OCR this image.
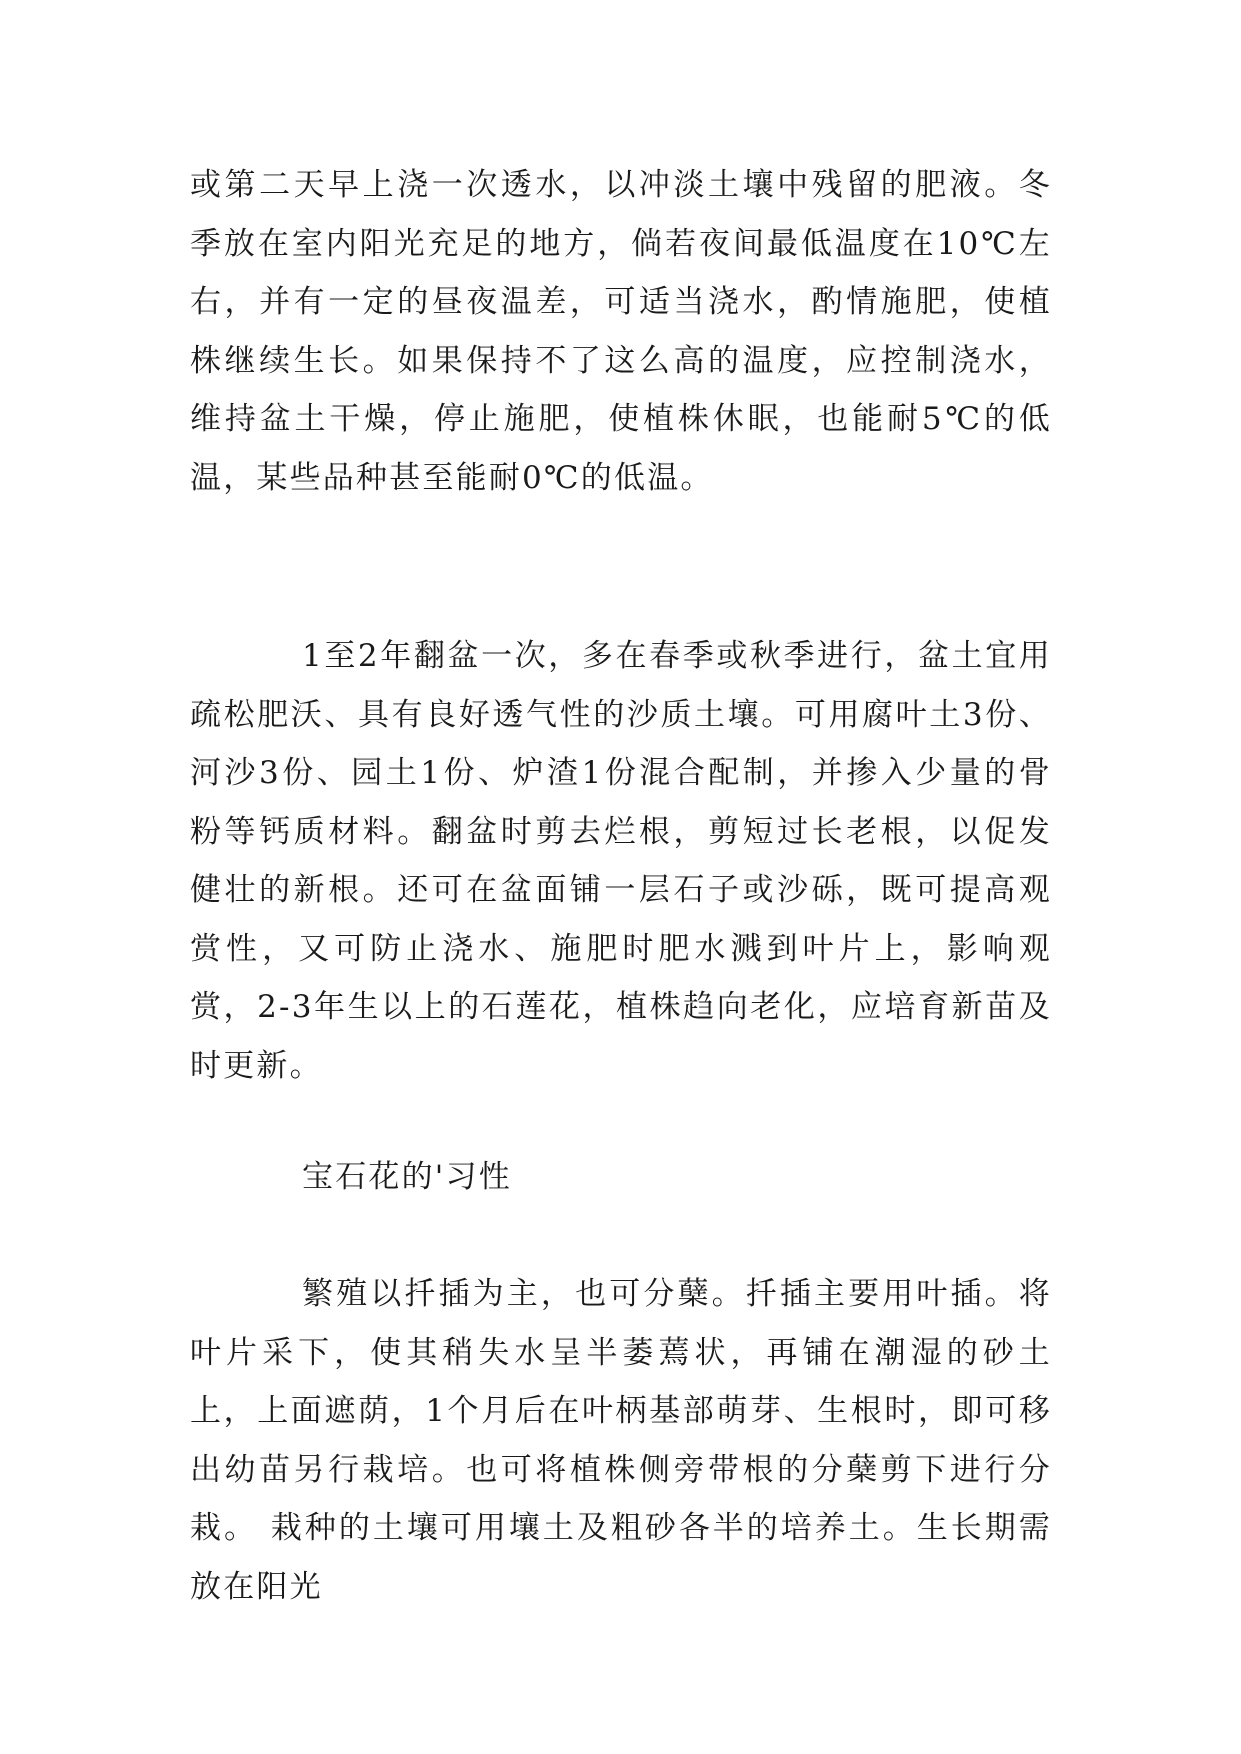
或第二天早上浇一次透水，以冲淡土壤中残留的肥液。冬季放在室内阳光充足的地方，倘若夜间最低温度在10℃左右，并有一定的昼夜温差，可适当浇水，酌情施肥，使植株继续生长。如果保持不了这么高的温度，应控制浇水，维持盆土干燥，停止施肥，使植株休眠，也能耐5℃的低温，某些品种甚至能耐0℃的低温。

1至2年翻盆一次，多在春季或秋季进行，盆土宜用疏松肥沃、具有良好透气性的沙质土壤。可用腐叶土3份、河沙3份、园土1份、炉渣1份混合配制，并掺入少量的骨粉等钙质材料。翻盆时剪去烂根，剪短过长老根，以促发健壮的新根。还可在盆面铺一层石子或沙砾，既可提高观赏性，又可防止浇水、施肥时肥水溅到叶片上，影响观赏，2-3年生以上的石莲花，植株趋向老化，应培育新苗及时更新。

宝石花的'习性

繁殖以扦插为主，也可分蘖。扦插主要用叶插。将叶片采下，使其稍失水呈半萎蔫状，再铺在潮湿的砂土上，上面遮荫，1个月后在叶柄基部萌芽、生根时，即可移出幼苗另行栽培。也可将植株侧旁带根的分蘖剪下进行分栽。 栽种的土壤可用壤土及粗砂各半的培养土。生长期需放在阳光
